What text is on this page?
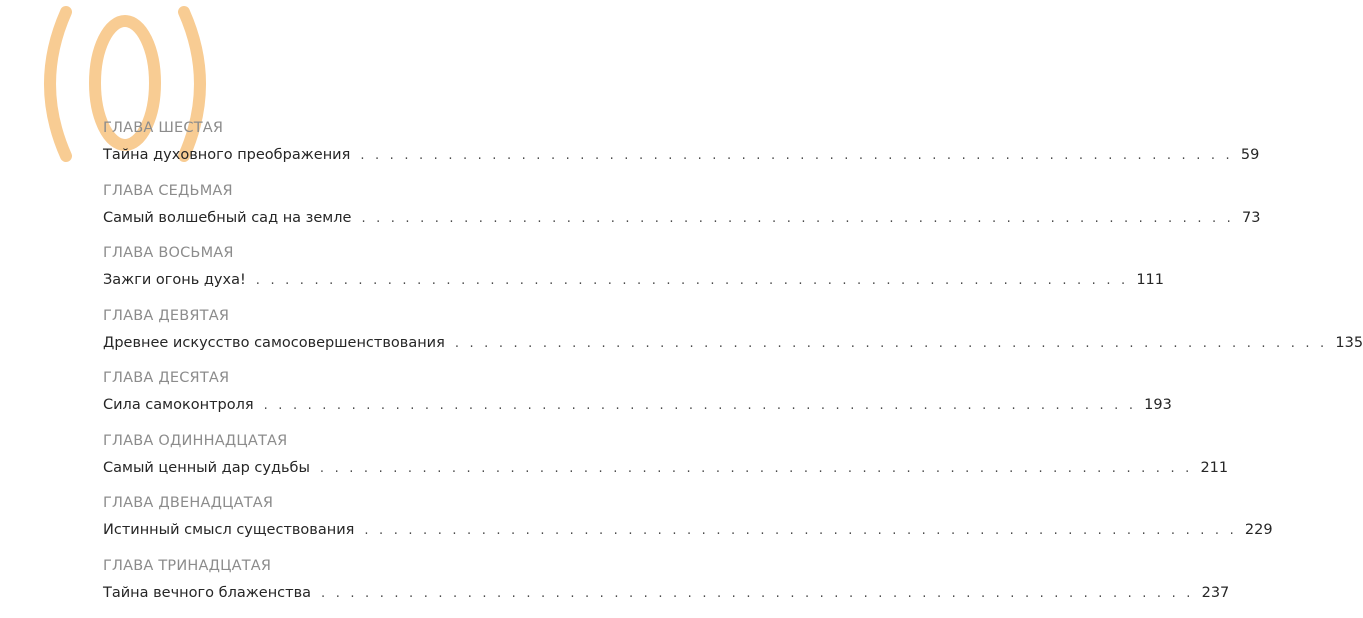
ГЛАВА ШЕСТАЯ
Тайна духовного преображения . . . . . . . . . . . . . . . . . . . . . . . . . . . . . . . . . . . . . . . . . . . . . . . . . . . . . . . . . . . . 59
ГЛАВА СЕДЬМАЯ
Самый волшебный сад на земле . . . . . . . . . . . . . . . . . . . . . . . . . . . . . . . . . . . . . . . . . . . . . . . . . . . . . . . . . . . . 73
ГЛАВА ВОСЬМАЯ
Зажги огонь духа! . . . . . . . . . . . . . . . . . . . . . . . . . . . . . . . . . . . . . . . . . . . . . . . . . . . . . . . . . . . . 111
ГЛАВА ДЕВЯТАЯ
Древнее искусство самосовершенствования . . . . . . . . . . . . . . . . . . . . . . . . . . . . . . . . . . . . . . . . . . . . . . . . . . . . . . . . . . . . 135
ГЛАВА ДЕСЯТАЯ
Сила самоконтроля . . . . . . . . . . . . . . . . . . . . . . . . . . . . . . . . . . . . . . . . . . . . . . . . . . . . . . . . . . . . 193
ГЛАВА ОДИННАДЦАТАЯ
Самый ценный дар судьбы . . . . . . . . . . . . . . . . . . . . . . . . . . . . . . . . . . . . . . . . . . . . . . . . . . . . . . . . . . . . 211
ГЛАВА ДВЕНАДЦАТАЯ
Истинный смысл существования . . . . . . . . . . . . . . . . . . . . . . . . . . . . . . . . . . . . . . . . . . . . . . . . . . . . . . . . . . . . 229
ГЛАВА ТРИНАДЦАТАЯ
Тайна вечного блаженства . . . . . . . . . . . . . . . . . . . . . . . . . . . . . . . . . . . . . . . . . . . . . . . . . . . . . . . . . . . . 237
